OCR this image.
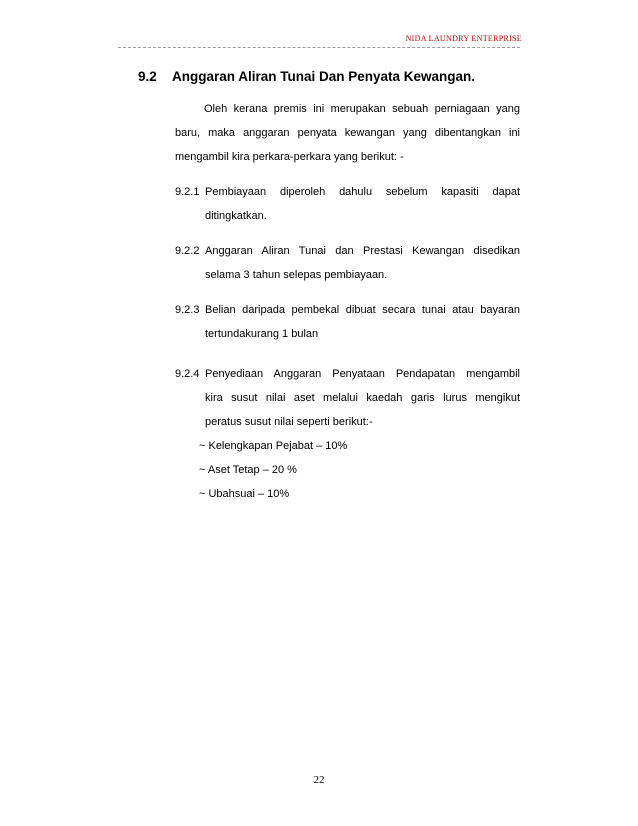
NIDA LAUNDRY ENTERPRISE
9.2 Anggaran Aliran Tunai Dan Penyata Kewangan.
Oleh kerana premis ini merupakan sebuah perniagaan yang
baru, maka anggaran penyata kewangan yang dibentangkan ini
mengambil kira perkara-perkara yang berikut: -
9.2.1 Pembiayaan diperoleh dahulu sebelum kapasiti dapat
ditingkatkan.
9.2.2 Anggaran Aliran Tunai dan Prestasi Kewangan disedikan
selama 3 tahun selepas pembiayaan.
9.2.3 Belian daripada pembekal dibuat secara tunai atau bayaran
tertundakurang 1 bulan
9.2.4 Penyediaan Anggaran Penyataan Pendapatan mengambil
kira susut nilai aset melalui kaedah garis lurus mengikut
peratus susut nilai seperti berikut:-
~ Kelengkapan Pejabat – 10%
~ Aset Tetap – 20 %
~ Ubahsuai – 10%
22
